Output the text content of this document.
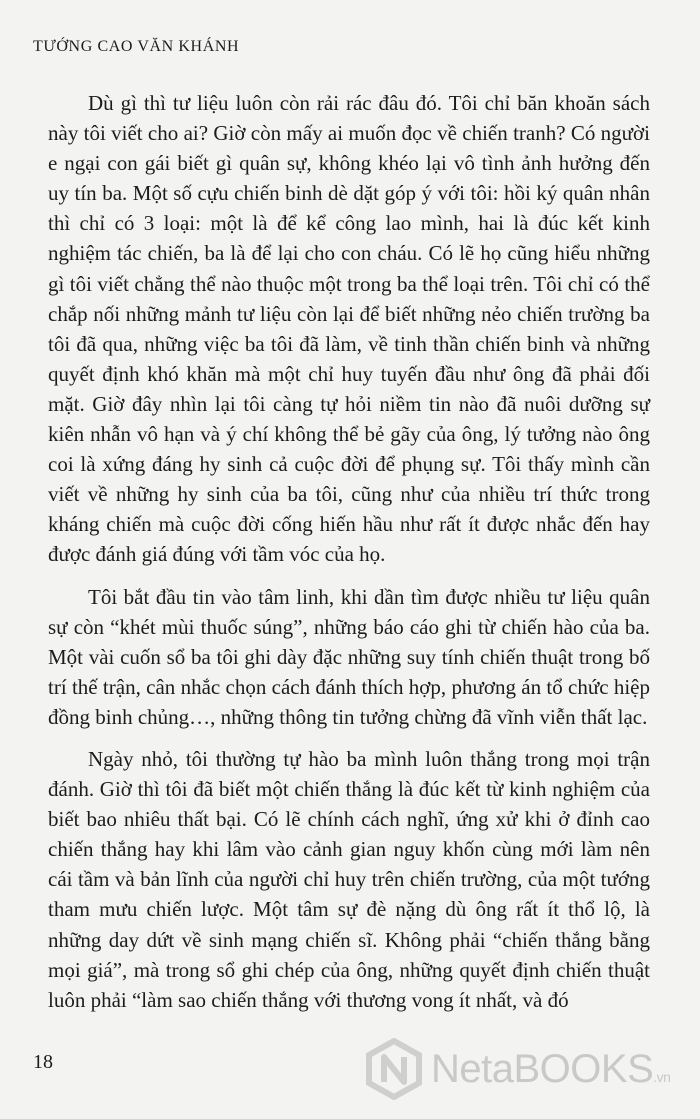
TƯỚNG CAO VĂN KHÁNH

Dù gì thì tư liệu luôn còn rải rác đâu đó. Tôi chỉ băn khoăn sách này tôi viết cho ai? Giờ còn mấy ai muốn đọc về chiến tranh? Có người e ngại con gái biết gì quân sự, không khéo lại vô tình ảnh hưởng đến uy tín ba. Một số cựu chiến binh dè dặt góp ý với tôi: hồi ký quân nhân thì chỉ có 3 loại: một là để kể công lao mình, hai là đúc kết kinh nghiệm tác chiến, ba là để lại cho con cháu. Có lẽ họ cũng hiểu những gì tôi viết chẳng thể nào thuộc một trong ba thể loại trên. Tôi chỉ có thể chắp nối những mảnh tư liệu còn lại để biết những nẻo chiến trường ba tôi đã qua, những việc ba tôi đã làm, về tinh thần chiến binh và những quyết định khó khăn mà một chỉ huy tuyến đầu như ông đã phải đối mặt. Giờ đây nhìn lại tôi càng tự hỏi niềm tin nào đã nuôi dưỡng sự kiên nhẫn vô hạn và ý chí không thể bẻ gãy của ông, lý tưởng nào ông coi là xứng đáng hy sinh cả cuộc đời để phụng sự. Tôi thấy mình cần viết về những hy sinh của ba tôi, cũng như của nhiều trí thức trong kháng chiến mà cuộc đời cống hiến hầu như rất ít được nhắc đến hay được đánh giá đúng với tầm vóc của họ.

Tôi bắt đầu tin vào tâm linh, khi dần tìm được nhiều tư liệu quân sự còn “khét mùi thuốc súng”, những báo cáo ghi từ chiến hào của ba. Một vài cuốn sổ ba tôi ghi dày đặc những suy tính chiến thuật trong bố trí thế trận, cân nhắc chọn cách đánh thích hợp, phương án tổ chức hiệp đồng binh chủng…, những thông tin tưởng chừng đã vĩnh viễn thất lạc.

Ngày nhỏ, tôi thường tự hào ba mình luôn thắng trong mọi trận đánh. Giờ thì tôi đã biết một chiến thắng là đúc kết từ kinh nghiệm của biết bao nhiêu thất bại. Có lẽ chính cách nghĩ, ứng xử khi ở đỉnh cao chiến thắng hay khi lâm vào cảnh gian nguy khốn cùng mới làm nên cái tầm và bản lĩnh của người chỉ huy trên chiến trường, của một tướng tham mưu chiến lược. Một tâm sự đè nặng dù ông rất ít thổ lộ, là những day dứt về sinh mạng chiến sĩ. Không phải “chiến thắng bằng mọi giá”, mà trong sổ ghi chép của ông, những quyết định chiến thuật luôn phải “làm sao chiến thắng với thương vong ít nhất, và đó

18	NetaBOOKS.vn
